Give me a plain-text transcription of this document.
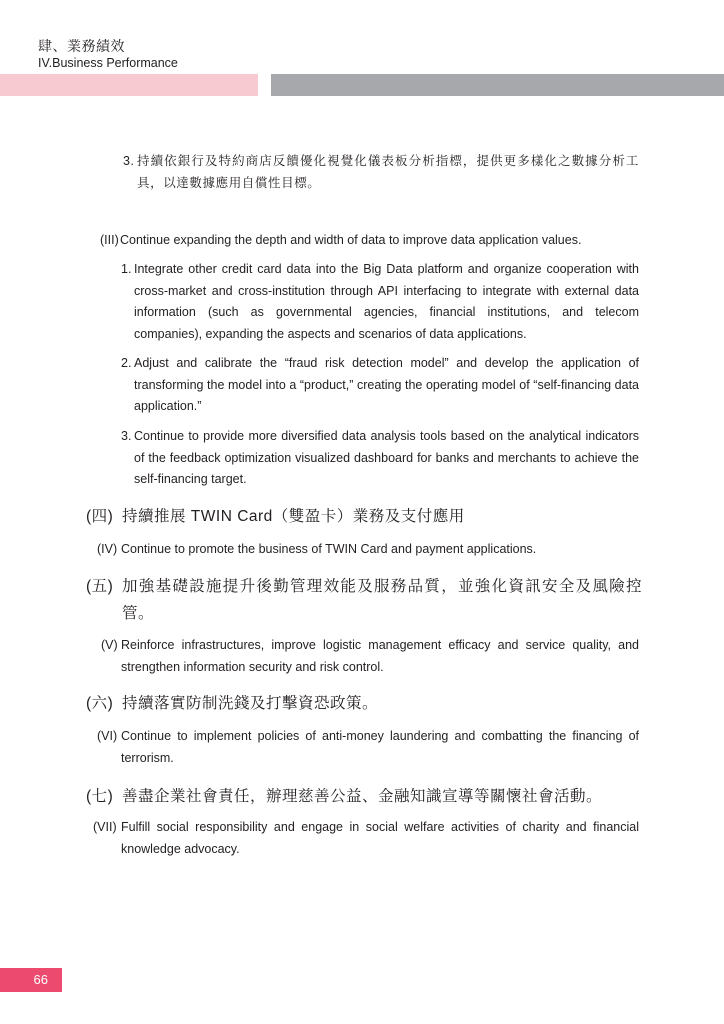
肆、業務績效
IV.Business Performance
3. 持續依銀行及特約商店反饋優化視覺化儀表板分析指標，提供更多樣化之數據分析工具，以達數據應用自償性目標。
(III) Continue expanding the depth and width of data to improve data application values.
1. Integrate other credit card data into the Big Data platform and organize cooperation with cross-market and cross-institution through API interfacing to integrate with external data information (such as governmental agencies, financial institutions, and telecom companies), expanding the aspects and scenarios of data applications.
2. Adjust and calibrate the “fraud risk detection model” and develop the application of transforming the model into a “product,” creating the operating model of “self-financing data application.”
3. Continue to provide more diversified data analysis tools based on the analytical indicators of the feedback optimization visualized dashboard for banks and merchants to achieve the self-financing target.
(四) 持續推展 TWIN Card（雙盈卡）業務及支付應用
(IV) Continue to promote the business of TWIN Card and payment applications.
(五) 加強基礎設施提升後勤管理效能及服務品質，並強化資訊安全及風險控管。
(V) Reinforce infrastructures, improve logistic management efficacy and service quality, and strengthen information security and risk control.
(六) 持續落實防制洗錢及打擊資恐政策。
(VI) Continue to implement policies of anti-money laundering and combatting the financing of terrorism.
(七) 善盡企業社會責任，辦理慈善公益、金融知識宣導等關懷社會活動。
(VII) Fulfill social responsibility and engage in social welfare activities of charity and financial knowledge advocacy.
66
